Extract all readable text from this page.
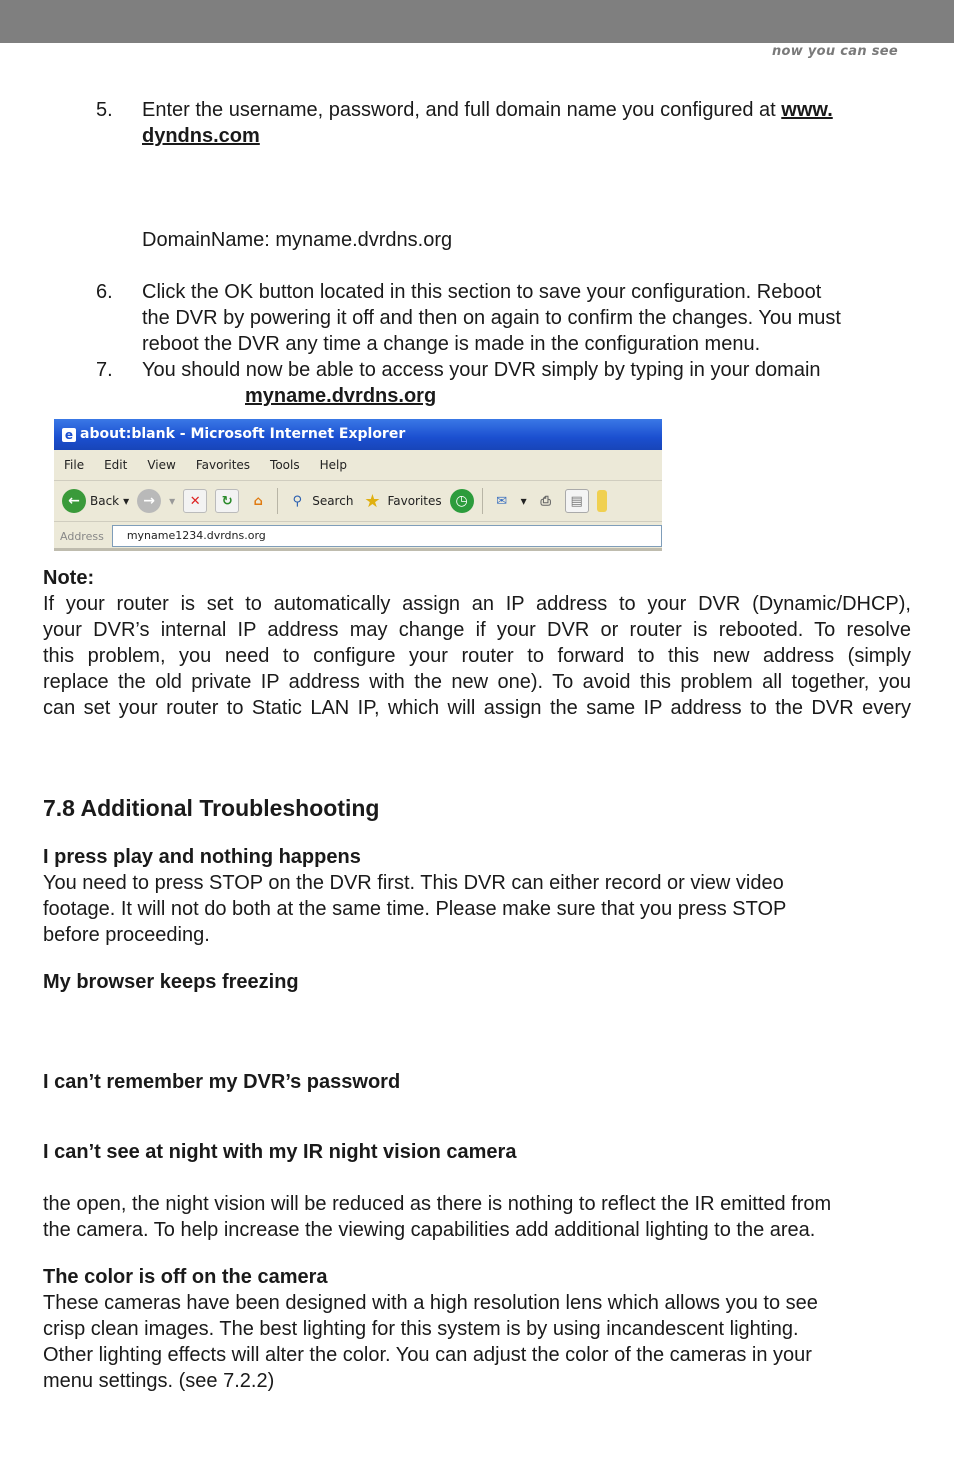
now you can see
5. Enter the username, password, and full domain name you configured at www.
dyndns.com
DomainName: myname.dvrdns.org
6. Click the OK button located in this section to save your configuration. Reboot
the DVR by powering it off and then on again to confirm the changes. You must
reboot the DVR any time a change is made in the configuration menu.
7. You should now be able to access your DVR simply by typing in your domain
myname.dvrdns.org
e about:blank - Microsoft Internet Explorer
File Edit View Favorites Tools Help
← Back ▾	→	▾	✕	↻	⌂	⚲ Search ★ Favorites ◷	✉	▾	⎙	▤
Address	myname1234.dvrdns.org
Note:
If your router is set to automatically assign an IP address to your DVR (Dynamic/DHCP),
your DVR’s internal IP address may change if your DVR or router is rebooted. To resolve
this problem, you need to configure your router to forward to this new address (simply
replace the old private IP address with the new one). To avoid this problem all together, you
can set your router to Static LAN IP, which will assign the same IP address to the DVR every
7.8 Additional Troubleshooting
I press play and nothing happens
You need to press STOP on the DVR first. This DVR can either record or view video
footage. It will not do both at the same time. Please make sure that you press STOP
before proceeding.
My browser keeps freezing
I can’t remember my DVR’s password
I can’t see at night with my IR night vision camera
the open, the night vision will be reduced as there is nothing to reflect the IR emitted from
the camera. To help increase the viewing capabilities add additional lighting to the area.
The color is off on the camera
These cameras have been designed with a high resolution lens which allows you to see
crisp clean images. The best lighting for this system is by using incandescent lighting.
Other lighting effects will alter the color. You can adjust the color of the cameras in your
menu settings. (see 7.2.2)
